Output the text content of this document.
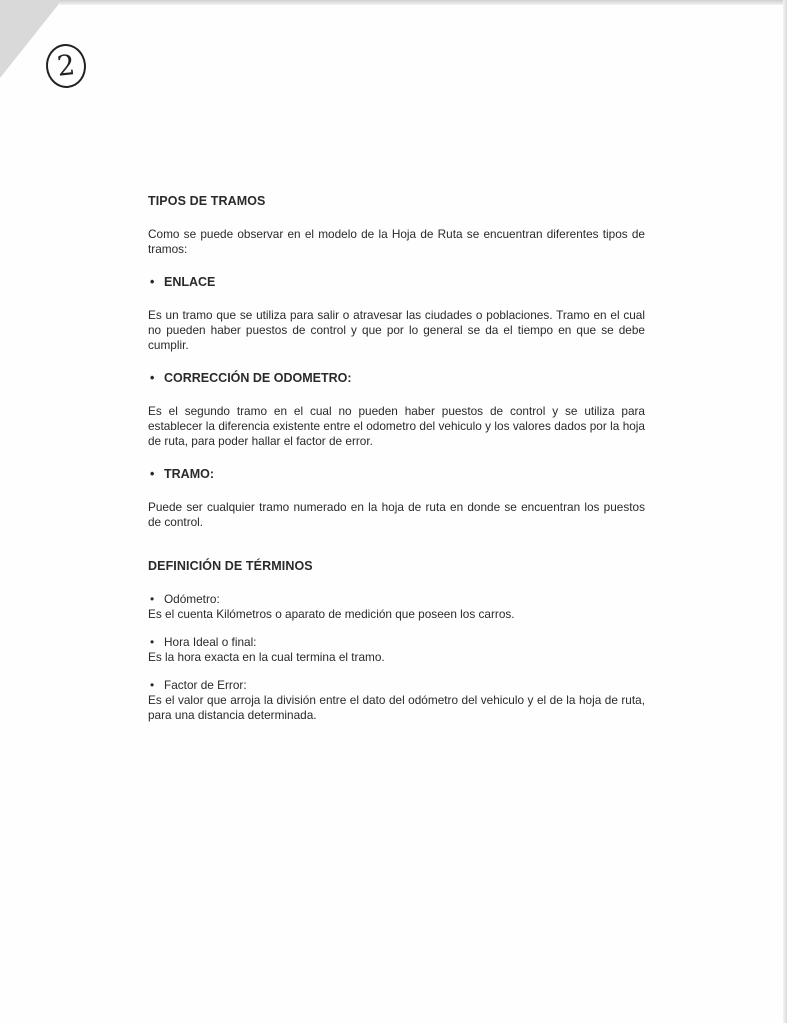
2
TIPOS DE TRAMOS

Como se puede observar en el modelo de la Hoja de Ruta se encuentran diferentes tipos de tramos:

• ENLACE

Es un tramo que se utiliza para salir o atravesar las ciudades o poblaciones. Tramo en el cual no pueden haber puestos de control y que por lo general se da el tiempo en que se debe cumplir.

• CORRECCIÓN DE ODOMETRO:

Es el segundo tramo en el cual no pueden haber puestos de control y se utiliza para establecer la diferencia existente entre el odometro del vehiculo y los valores dados por la hoja de ruta, para poder hallar el factor de error.

• TRAMO:

Puede ser cualquier tramo numerado en la hoja de ruta en donde se encuentran los puestos de control.

DEFINICIÓN DE TÉRMINOS
• Odómetro:

Es el cuenta Kilómetros o aparato de medición que poseen los carros.

• Hora Ideal o final:

Es la hora exacta en la cual termina el tramo.

• Factor de Error:

Es el valor que arroja la división entre el dato del odómetro del vehiculo y el de la hoja de ruta, para una distancia determinada.
